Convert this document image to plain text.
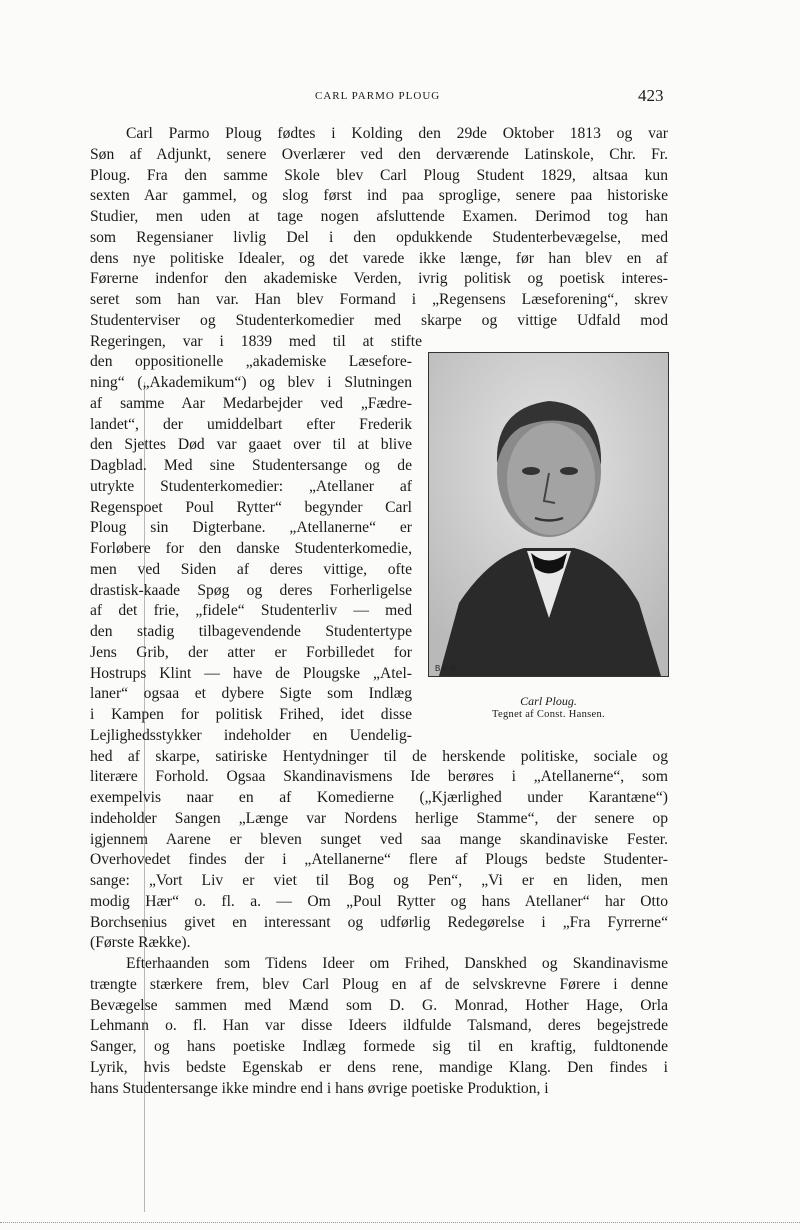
CARL PARMO PLOUG	423
B.K.R
Carl Ploug.
Tegnet af Const. Hansen.
Carl Parmo Ploug fødtes i Kolding den 29de Oktober 1813 og var
Søn af Adjunkt, senere Overlærer ved den derværende Latinskole, Chr. Fr.
Ploug. Fra den samme Skole blev Carl Ploug Student 1829, altsaa kun
sexten Aar gammel, og slog først ind paa sproglige, senere paa historiske
Studier, men uden at tage nogen afsluttende Examen. Derimod tog han
som Regensianer livlig Del i den opdukkende Studenterbevægelse, med
dens nye politiske Idealer, og det varede ikke længe, før han blev en af
Førerne indenfor den akademiske Verden, ivrig politisk og poetisk interes-
seret som han var. Han blev Formand i „Regensens Læseforening“, skrev
Studenterviser og Studenterkomedier med skarpe og vittige Udfald mod
Regeringen, var i 1839 med til at stifte
den oppositionelle „akademiske Læsefore-
ning“ („Akademikum“) og blev i Slutningen
af samme Aar Medarbejder ved „Fædre-
landet“, der umiddelbart efter Frederik
den Sjettes Død var gaaet over til at blive
Dagblad. Med sine Studentersange og de
utrykte Studenterkomedier: „Atellaner af
Regenspoet Poul Rytter“ begynder Carl
Ploug sin Digterbane. „Atellanerne“ er
Forløbere for den danske Studenterkomedie,
men ved Siden af deres vittige, ofte
drastisk-kaade Spøg og deres Forherligelse
af det frie, „fidele“ Studenterliv — med
den stadig tilbagevendende Studentertype
Jens Grib, der atter er Forbilledet for
Hostrups Klint — have de Plougske „Atel-
laner“ ogsaa et dybere Sigte som Indlæg
i Kampen for politisk Frihed, idet disse
Lejlighedsstykker indeholder en Uendelig-
hed af skarpe, satiriske Hentydninger til de herskende politiske, sociale og
literære Forhold. Ogsaa Skandinavismens Ide berøres i „Atellanerne“, som
exempelvis naar en af Komedierne („Kjærlighed under Karantæne“)
indeholder Sangen „Længe var Nordens herlige Stamme“, der senere op
igjennem Aarene er bleven sunget ved saa mange skandinaviske Fester.
Overhovedet findes der i „Atellanerne“ flere af Plougs bedste Studenter-
sange: „Vort Liv er viet til Bog og Pen“, „Vi er en liden, men
modig Hær“ o. fl. a. — Om „Poul Rytter og hans Atellaner“ har Otto
Borchsenius givet en interessant og udførlig Redegørelse i „Fra Fyrrerne“
(Første Række).
Efterhaanden som Tidens Ideer om Frihed, Danskhed og Skandinavisme
trængte stærkere frem, blev Carl Ploug en af de selvskrevne Førere i denne
Bevægelse sammen med Mænd som D. G. Monrad, Hother Hage, Orla
Lehmann o. fl. Han var disse Ideers ildfulde Talsmand, deres begejstrede
Sanger, og hans poetiske Indlæg formede sig til en kraftig, fuldtonende
Lyrik, hvis bedste Egenskab er dens rene, mandige Klang. Den findes i
hans Studentersange ikke mindre end i hans øvrige poetiske Produktion, i
